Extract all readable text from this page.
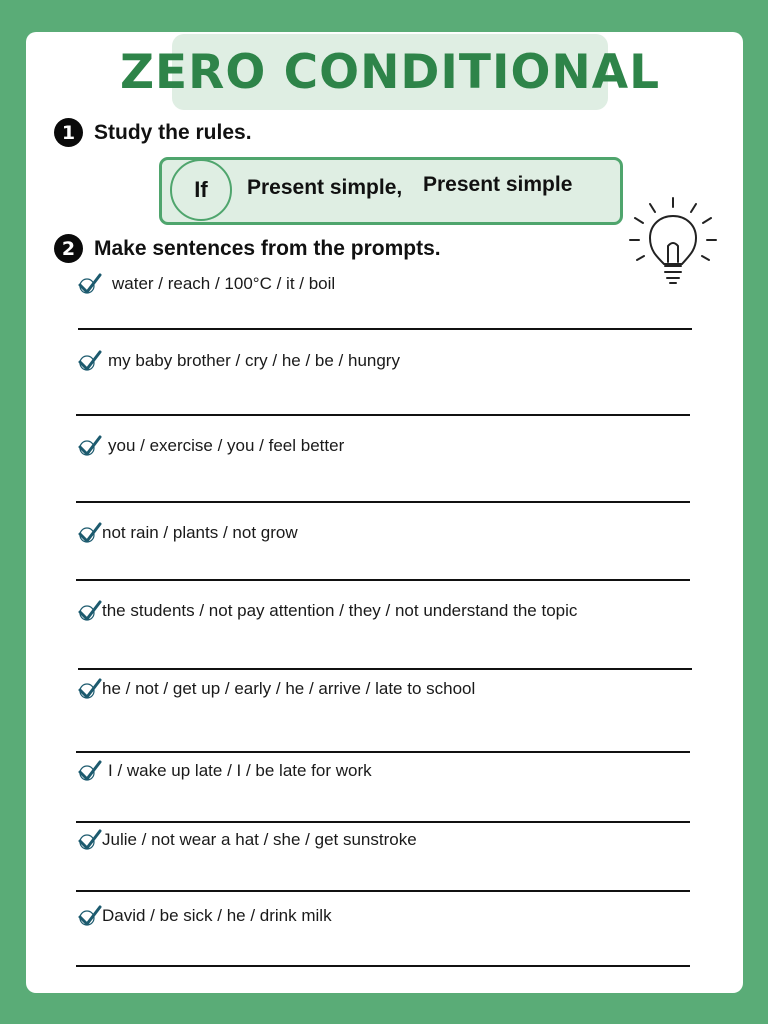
ZERO CONDITIONAL
1 Study the rules.
If	Present simple, Present simple
2 Make sentences from the prompts.
water / reach / 100°C / it / boil
my baby brother / cry / he / be / hungry
you / exercise / you / feel better
not rain / plants / not grow
the students / not pay attention / they / not understand the topic
he / not / get up / early / he / arrive / late to school
I / wake up late / I / be late for work
Julie / not wear a hat / she / get sunstroke
David / be sick / he / drink milk
